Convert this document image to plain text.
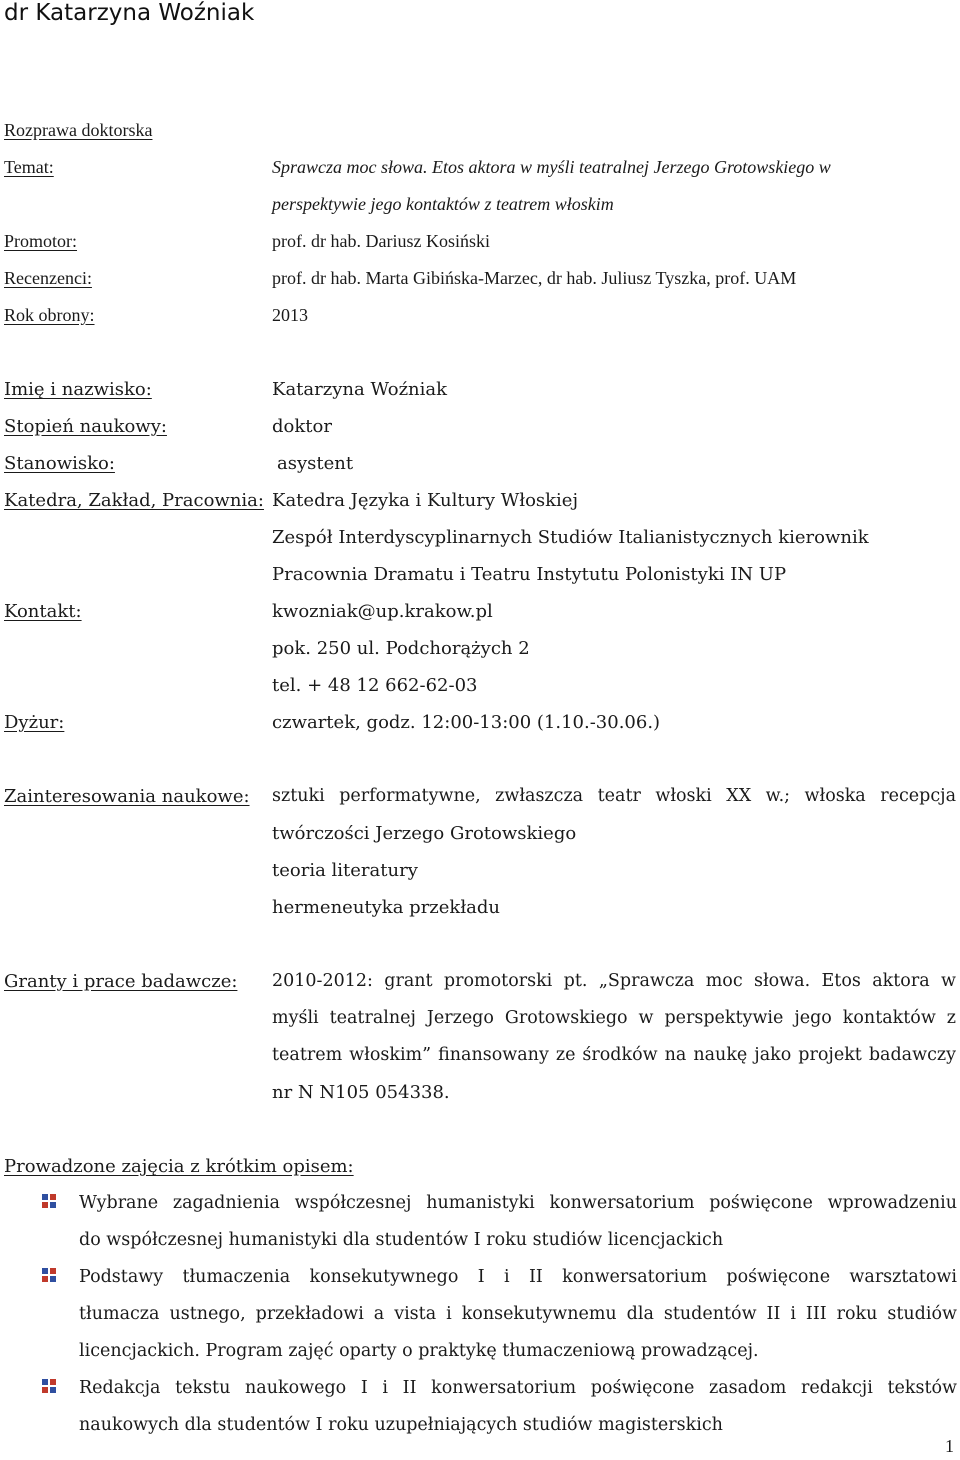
dr Katarzyna Woźniak
Rozprawa doktorska
Temat:	Sprawcza moc słowa. Etos aktora w myśli teatralnej Jerzego Grotowskiego w
perspektywie jego kontaktów z teatrem włoskim
Promotor:	prof. dr hab. Dariusz Kosiński
Recenzenci:	prof. dr hab. Marta Gibińska-Marzec, dr hab. Juliusz Tyszka, prof. UAM
Rok obrony:	2013
Imię i nazwisko:	Katarzyna Woźniak
Stopień naukowy:	doktor
Stanowisko:	asystent
Katedra, Zakład, Pracownia: Katedra Języka i Kultury Włoskiej
Zespół Interdyscyplinarnych Studiów Italianistycznych kierownik
Pracownia Dramatu i Teatru Instytutu Polonistyki IN UP
Kontakt:	kwozniak@up.krakow.pl
pok. 250 ul. Podchorążych 2
tel. + 48 12 662-62-03
Dyżur:	czwartek, godz. 12:00-13:00 (1.10.-30.06.)
Zainteresowania naukowe: sztuki performatywne, zwłaszcza teatr włoski XX w.; włoska recepcja
twórczości Jerzego Grotowskiego
teoria literatury
hermeneutyka przekładu
Granty i prace badawcze: 2010-2012: grant promotorski pt. „Sprawcza moc słowa. Etos aktora w
myśli teatralnej Jerzego Grotowskiego w perspektywie jego kontaktów z
teatrem włoskim” finansowany ze środków na naukę jako projekt badawczy
nr N N105 054338.
Prowadzone zajęcia z krótkim opisem:
Wybrane zagadnienia współczesnej humanistyki konwersatorium poświęcone wprowadzeniu
do współczesnej humanistyki dla studentów I roku studiów licencjackich
Podstawy tłumaczenia konsekutywnego I i II konwersatorium poświęcone warsztatowi
tłumacza ustnego, przekładowi a vista i konsekutywnemu dla studentów II i III roku studiów
licencjackich. Program zajęć oparty o praktykę tłumaczeniową prowadzącej.
Redakcja tekstu naukowego I i II konwersatorium poświęcone zasadom redakcji tekstów
naukowych dla studentów I roku uzupełniających studiów magisterskich
1
